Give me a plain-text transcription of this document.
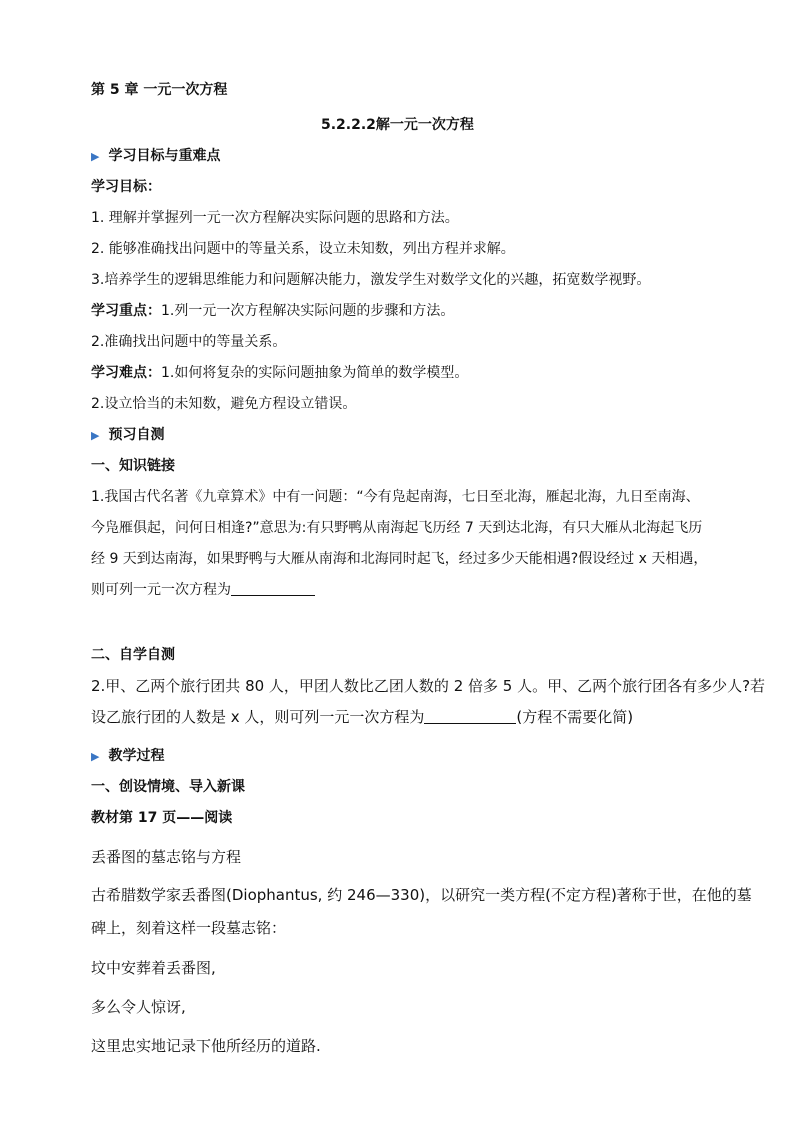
第 5 章 一元一次方程
5.2.2.2解一元一次方程
▶ 学习目标与重难点
学习目标：
1. 理解并掌握列一元一次方程解决实际问题的思路和方法。
2. 能够准确找出问题中的等量关系，设立未知数，列出方程并求解。
3.培养学生的逻辑思维能力和问题解决能力，激发学生对数学文化的兴趣，拓宽数学视野。
学习重点：1.列一元一次方程解决实际问题的步骤和方法。
2.准确找出问题中的等量关系。
学习难点：1.如何将复杂的实际问题抽象为简单的数学模型。
2.设立恰当的未知数，避免方程设立错误。
▶ 预习自测
一、知识链接
1.我国古代名著《九章算术》中有一问题：“今有凫起南海，七日至北海，雁起北海，九日至南海、
今凫雁俱起，问何日相逢?”意思为:有只野鸭从南海起飞历经 7 天到达北海，有只大雁从北海起飞历
经 9 天到达南海，如果野鸭与大雁从南海和北海同时起飞，经过多少天能相遇?假设经过 x 天相遇，
则可列一元一次方程为
二、自学自测
2.甲、乙两个旅行团共 80 人，甲团人数比乙团人数的 2 倍多 5 人。甲、乙两个旅行团各有多少人?若
设乙旅行团的人数是 x 人，则可列一元一次方程为	(方程不需要化简)
▶ 教学过程
一、创设情境、导入新课
教材第 17 页——阅读
丢番图的墓志铭与方程
古希腊数学家丢番图(Diophantus, 约 246—330)，以研究一类方程(不定方程)著称于世，在他的墓
碑上，刻着这样一段墓志铭：
坟中安葬着丢番图,
多么令人惊讶,
这里忠实地记录下他所经历的道路.
